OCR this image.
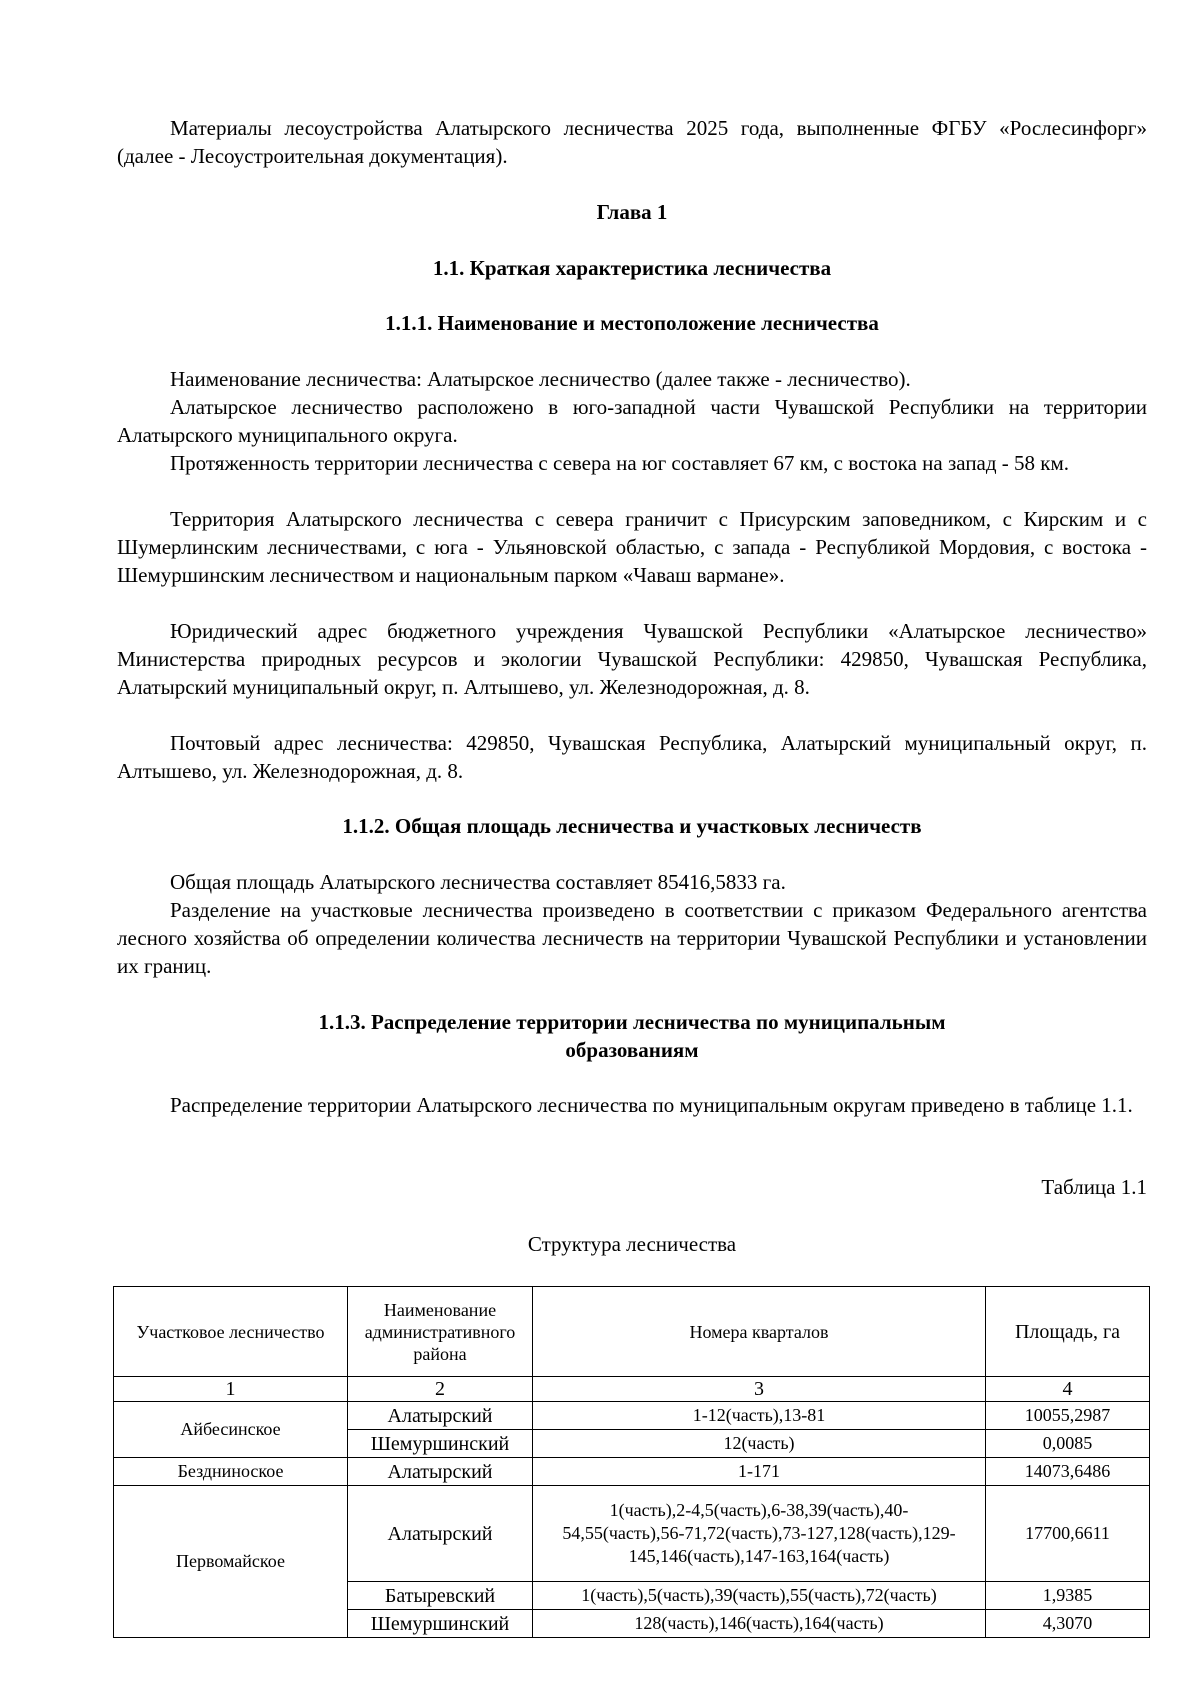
Материалы лесоустройства Алатырского лесничества 2025 года, выполненные ФГБУ «Рослесинфорг» (далее - Лесоустроительная документация).

Глава 1

1.1. Краткая характеристика лесничества

1.1.1. Наименование и местоположение лесничества

Наименование лесничества: Алатырское лесничество (далее также - лесничество).

Алатырское лесничество расположено в юго-западной части Чувашской Республики на территории Алатырского муниципального округа.

Протяженность территории лесничества с севера на юг составляет 67 км, с востока на запад - 58 км.

Территория Алатырского лесничества с севера граничит с Присурским заповедником, с Кирским и с Шумерлинским лесничествами, с юга - Ульяновской областью, с запада - Республикой Мордовия, с востока - Шемуршинским лесничеством и национальным парком «Чаваш вармане».

Юридический адрес бюджетного учреждения Чувашской Республики «Алатырское лесничество» Министерства природных ресурсов и экологии Чувашской Республики: 429850, Чувашская Республика, Алатырский муниципальный округ, п. Алтышево, ул. Железнодорожная, д. 8.

Почтовый адрес лесничества: 429850, Чувашская Республика, Алатырский муниципальный округ, п. Алтышево, ул. Железнодорожная, д. 8.

1.1.2. Общая площадь лесничества и участковых лесничеств

Общая площадь Алатырского лесничества составляет 85416,5833 га.

Разделение на участковые лесничества произведено в соответствии с приказом Федерального агентства лесного хозяйства об определении количества лесничеств на территории Чувашской Республики и установлении их границ.

1.1.3. Распределение территории лесничества по муниципальным
образованиям

Распределение территории Алатырского лесничества по муниципальным округам приведено в таблице 1.1.

Таблица 1.1

Структура лесничества

Участковое лесничество	Наименование административного района	Номера кварталов	Площадь, га
1	2	3	4
Айбесинское	Алатырский	1-12(часть),13-81	10055,2987
	Шемуршинский	12(часть)	0,0085
Бездниноское	Алатырский	1-171	14073,6486
Первомайское	Алатырский	1(часть),2-4,5(часть),6-38,39(часть),40-54,55(часть),56-71,72(часть),73-127,128(часть),129-145,146(часть),147-163,164(часть)	17700,6611
	Батыревский	1(часть),5(часть),39(часть),55(часть),72(часть)	1,9385
	Шемуршинский	128(часть),146(часть),164(часть)	4,3070
